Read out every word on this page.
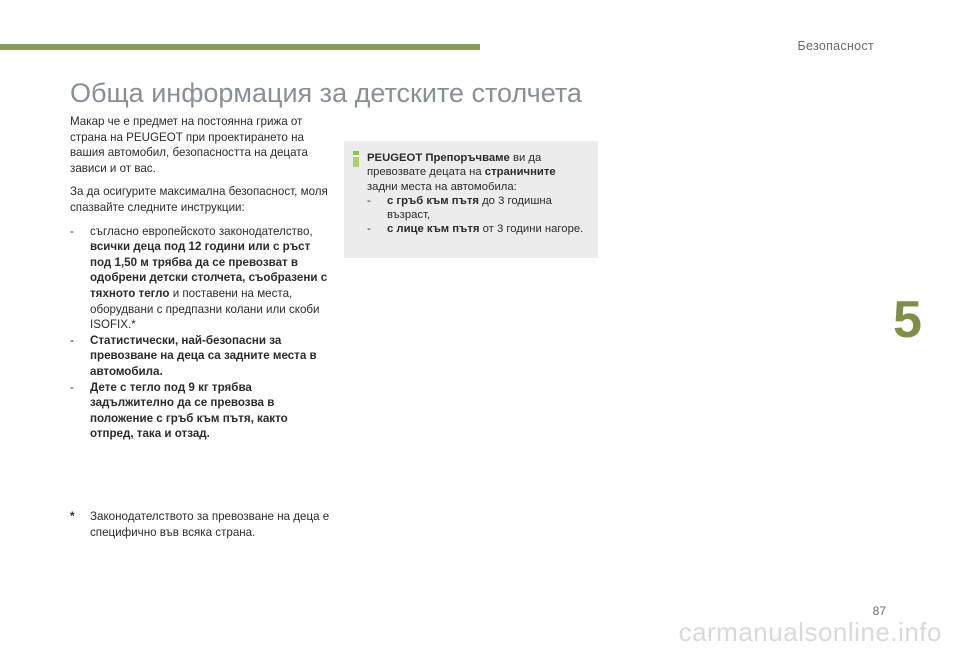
Безопасност
5
Обща информация за детските столчета

Макар че е предмет на постоянна грижа от страна на PEUGEOT при проектирането на вашия автомобил, безопасността на децата зависи и от вас.

За да осигурите максимална безопасност, моля спазвайте следните инструкции:

- съгласно европейското законодателство, всички деца под 12 години или с ръст под 1,50 м трябва да се превозват в одобрени детски столчета, съобразени с тяхното тегло и поставени на места, оборудвани с предпазни колани или скоби ISOFIX.*
- Статистически, най-безопасни за превозване на деца са задните места в автомобила.
- Дете с тегло под 9 кг трябва задължително да се превозва в положение с гръб към пътя, както отпред, така и отзад.
* Законодателството за превозване на деца е специфично във всяка страна.
PEUGEOT Препоръчваме ви да превозвате децата на страничните задни места на автомобила:
- с гръб към пътя до 3 годишна възраст,
- с лице към пътя от 3 години нагоре.
87
carmanualsonline.info
